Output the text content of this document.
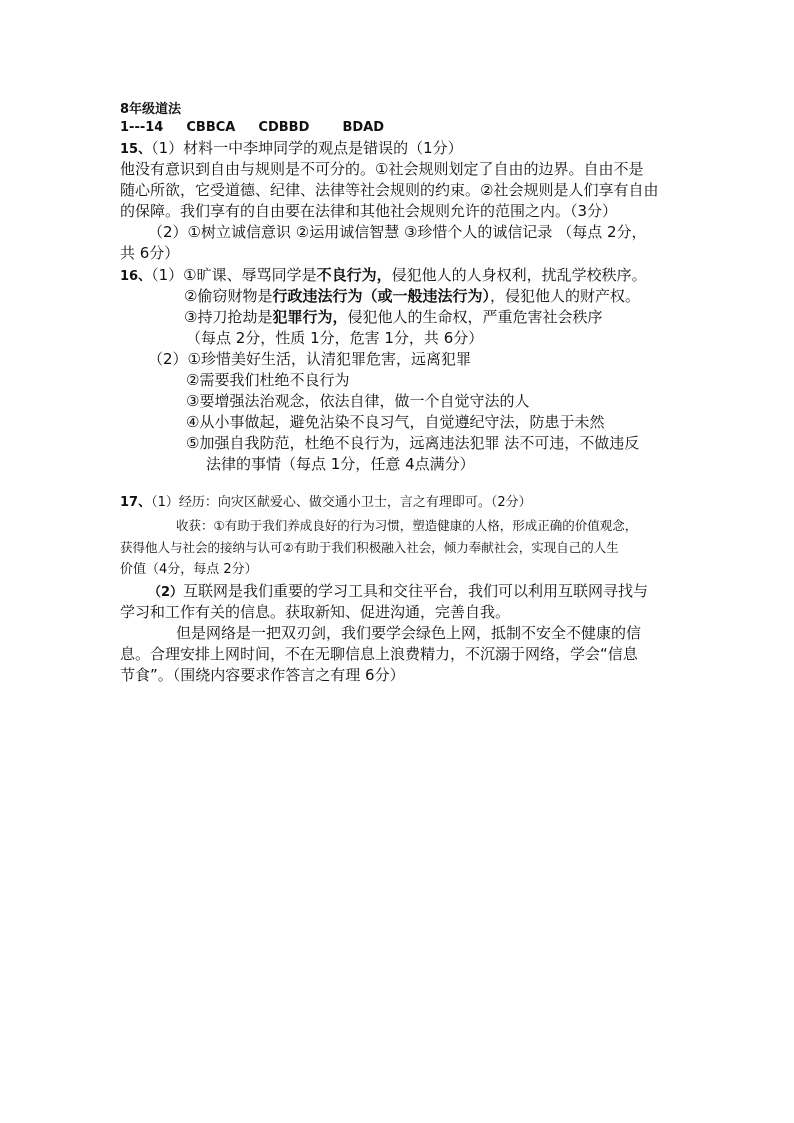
8年级道法
1---14 CBBCA CDBBD	BDAD
15、（1）材料一中李坤同学的观点是错误的（1分）
他没有意识到自由与规则是不可分的。①社会规则划定了自由的边界。自由不是
随心所欲，它受道德、纪律、法律等社会规则的约束。②社会规则是人们享有自由
的保障。我们享有的自由要在法律和其他社会规则允许的范围之内。（3分）
（2）①树立诚信意识 ②运用诚信智慧 ③珍惜个人的诚信记录 （每点 2分，
共 6分）
16、（1）①旷课、辱骂同学是不良行为，侵犯他人的人身权利，扰乱学校秩序。
②偷窃财物是行政违法行为（或一般违法行为），侵犯他人的财产权。
③持刀抢劫是犯罪行为，侵犯他人的生命权，严重危害社会秩序
（每点 2分，性质 1分，危害 1分，共 6分）
（2）①珍惜美好生活，认清犯罪危害，远离犯罪
②需要我们杜绝不良行为
③要增强法治观念，依法自律，做一个自觉守法的人
④从小事做起，避免沾染不良习气，自觉遵纪守法，防患于未然
⑤加强自我防范，杜绝不良行为，远离违法犯罪 法不可违，不做违反
法律的事情（每点 1分，任意 4点满分）
17、（1）经历：向灾区献爱心、做交通小卫士，言之有理即可。（2分）
收获：①有助于我们养成良好的行为习惯，塑造健康的人格，形成正确的价值观念，
获得他人与社会的接纳与认可②有助于我们积极融入社会，倾力奉献社会，实现自己的人生
价值（4分，每点 2分）
（2）互联网是我们重要的学习工具和交往平台，我们可以利用互联网寻找与
学习和工作有关的信息。获取新知、促进沟通，完善自我。
但是网络是一把双刃剑，我们要学会绿色上网，抵制不安全不健康的信
息。合理安排上网时间，不在无聊信息上浪费精力，不沉溺于网络，学会“信息
节食”。（围绕内容要求作答言之有理 6分）
